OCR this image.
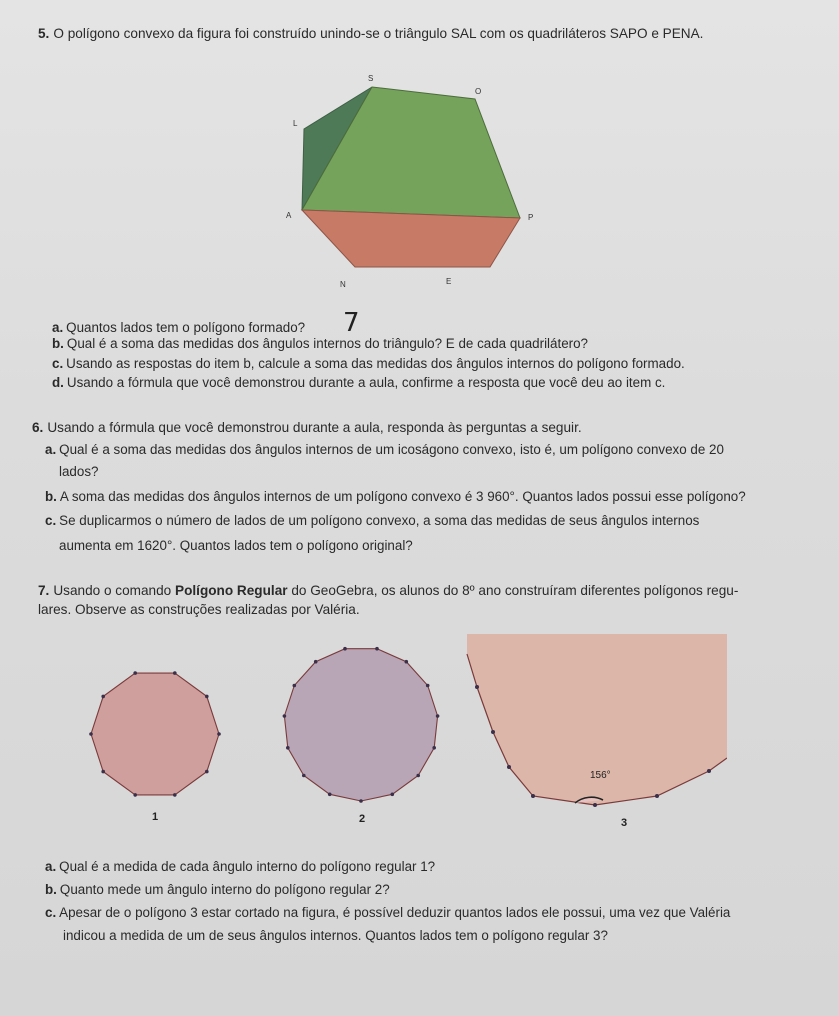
5. O polígono convexo da figura foi construído unindo-se o triângulo SAL com os quadriláteros SAPO e PENA.
S
O
L
A	P
N	E
a. Quantos lados tem o polígono formado? 7
b. Qual é a soma das medidas dos ângulos internos do triângulo? E de cada quadrilátero?
c. Usando as respostas do item b, calcule a soma das medidas dos ângulos internos do polígono formado.
d. Usando a fórmula que você demonstrou durante a aula, confirme a resposta que você deu ao item c.
6. Usando a fórmula que você demonstrou durante a aula, responda às perguntas a seguir.
a. Qual é a soma das medidas dos ângulos internos de um icoságono convexo, isto é, um polígono convexo de 20
lados?
b. A soma das medidas dos ângulos internos de um polígono convexo é 3 960°. Quantos lados possui esse polígono?
c. Se duplicarmos o número de lados de um polígono convexo, a soma das medidas de seus ângulos internos
aumenta em 1620°. Quantos lados tem o polígono original?
7. Usando o comando Polígono Regular do GeoGebra, os alunos do 8º ano construíram diferentes polígonos regu-
lares. Observe as construções realizadas por Valéria.
1	2
156°
3
a. Qual é a medida de cada ângulo interno do polígono regular 1?
b. Quanto mede um ângulo interno do polígono regular 2?
c. Apesar de o polígono 3 estar cortado na figura, é possível deduzir quantos lados ele possui, uma vez que Valéria
indicou a medida de um de seus ângulos internos. Quantos lados tem o polígono regular 3?
